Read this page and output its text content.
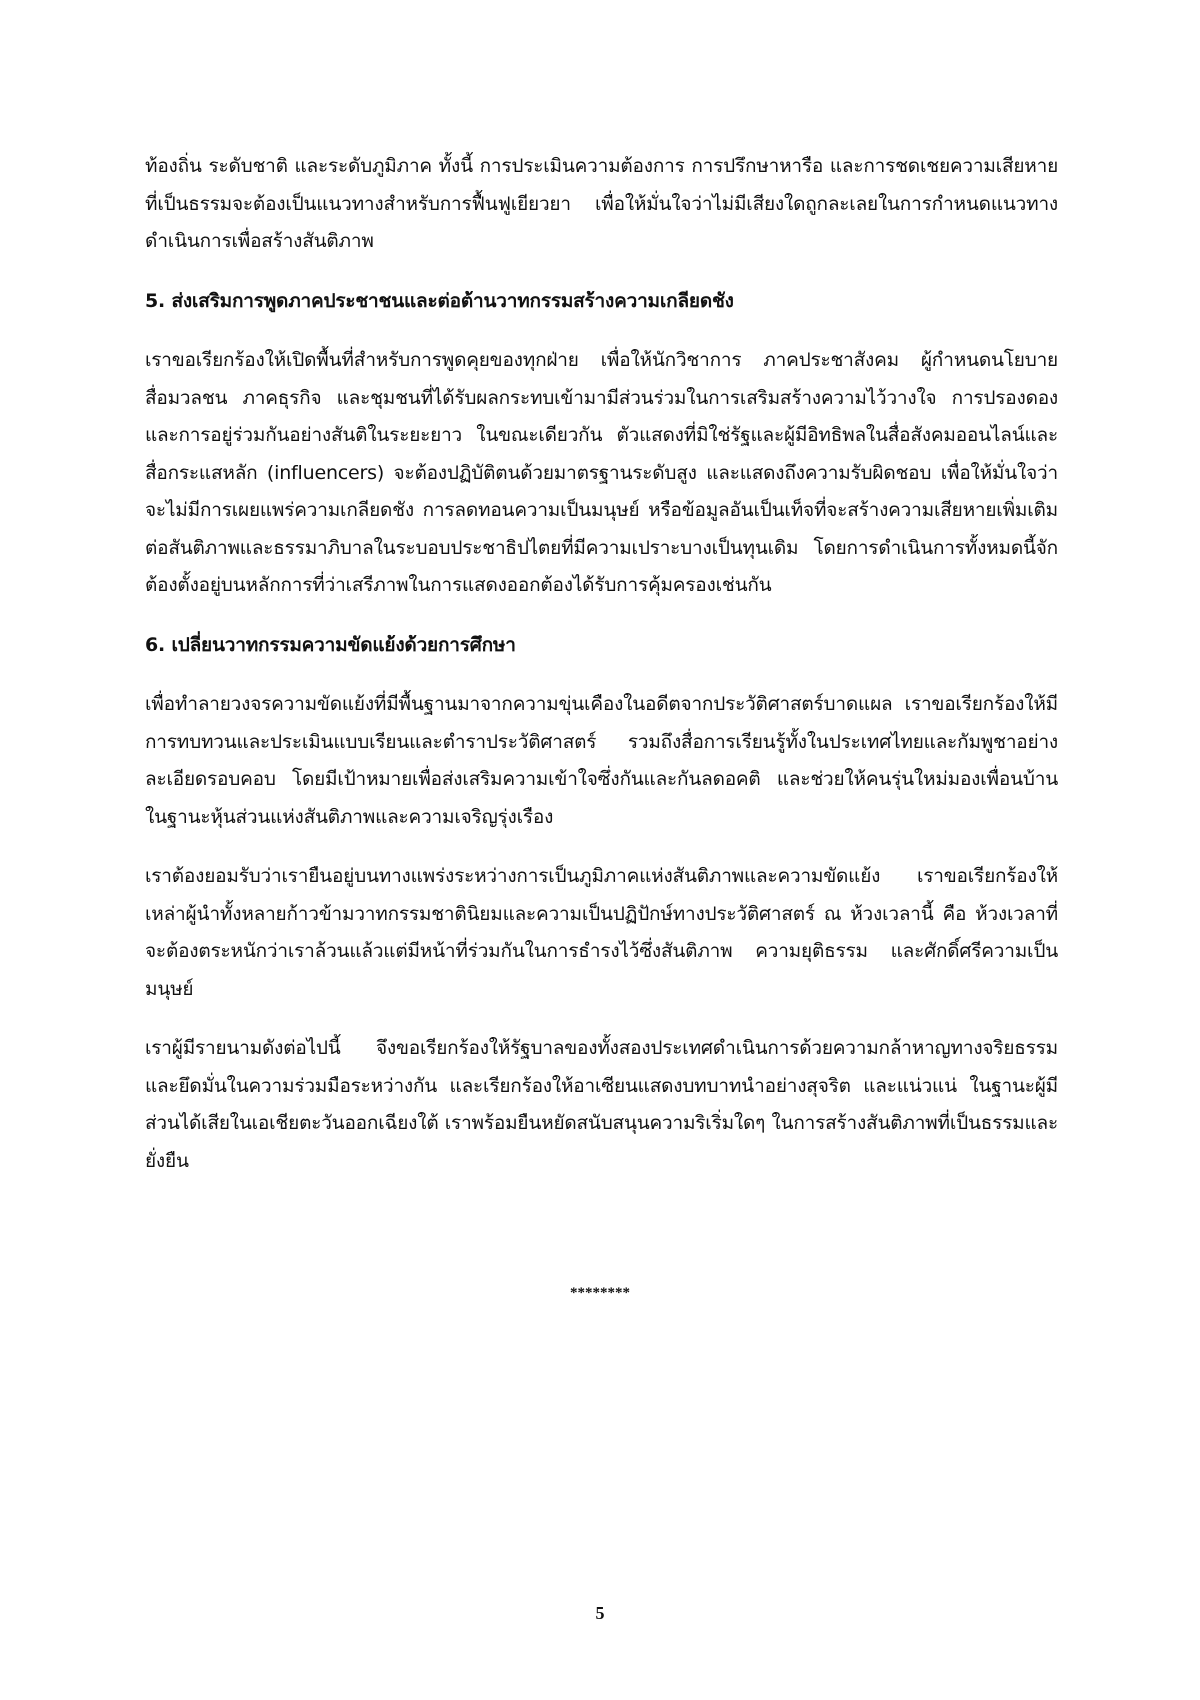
ท้องถิ่น ระดับชาติ และระดับภูมิภาค ทั้งนี้ การประเมินความต้องการ การปรึกษาหารือ และการชดเชยความเสียหายที่เป็นธรรมจะต้องเป็นแนวทางสำหรับการฟื้นฟูเยียวยา เพื่อให้มั่นใจว่าไม่มีเสียงใดถูกละเลยในการกำหนดแนวทางดำเนินการเพื่อสร้างสันติภาพ

5. ส่งเสริมการพูดภาคประชาชนและต่อต้านวาทกรรมสร้างความเกลียดชัง

เราขอเรียกร้องให้เปิดพื้นที่สำหรับการพูดคุยของทุกฝ่าย เพื่อให้นักวิชาการ ภาคประชาสังคม ผู้กำหนดนโยบาย สื่อมวลชน ภาคธุรกิจ และชุมชนที่ได้รับผลกระทบเข้ามามีส่วนร่วมในการเสริมสร้างความไว้วางใจ การปรองดอง และการอยู่ร่วมกันอย่างสันติในระยะยาว ในขณะเดียวกัน ตัวแสดงที่มิใช่รัฐและผู้มีอิทธิพลในสื่อสังคมออนไลน์และสื่อกระแสหลัก (influencers) จะต้องปฏิบัติตนด้วยมาตรฐานระดับสูง และแสดงถึงความรับผิดชอบ เพื่อให้มั่นใจว่าจะไม่มีการเผยแพร่ความเกลียดชัง การลดทอนความเป็นมนุษย์ หรือข้อมูลอันเป็นเท็จที่จะสร้างความเสียหายเพิ่มเติมต่อสันติภาพและธรรมาภิบาลในระบอบประชาธิปไตยที่มีความเปราะบางเป็นทุนเดิม โดยการดำเนินการทั้งหมดนี้จักต้องตั้งอยู่บนหลักการที่ว่าเสรีภาพในการแสดงออกต้องได้รับการคุ้มครองเช่นกัน

6. เปลี่ยนวาทกรรมความขัดแย้งด้วยการศึกษา

เพื่อทำลายวงจรความขัดแย้งที่มีพื้นฐานมาจากความขุ่นเคืองในอดีตจากประวัติศาสตร์บาดแผล เราขอเรียกร้องให้มีการทบทวนและประเมินแบบเรียนและตำราประวัติศาสตร์ รวมถึงสื่อการเรียนรู้ทั้งในประเทศไทยและกัมพูชาอย่างละเอียดรอบคอบ โดยมีเป้าหมายเพื่อส่งเสริมความเข้าใจซึ่งกันและกันลดอคติ และช่วยให้คนรุ่นใหม่มองเพื่อนบ้านในฐานะหุ้นส่วนแห่งสันติภาพและความเจริญรุ่งเรือง

เราต้องยอมรับว่าเรายืนอยู่บนทางแพร่งระหว่างการเป็นภูมิภาคแห่งสันติภาพและความขัดแย้ง เราขอเรียกร้องให้เหล่าผู้นำทั้งหลายก้าวข้ามวาทกรรมชาตินิยมและความเป็นปฏิปักษ์ทางประวัติศาสตร์ ณ ห้วงเวลานี้ คือ ห้วงเวลาที่จะต้องตระหนักว่าเราล้วนแล้วแต่มีหน้าที่ร่วมกันในการธำรงไว้ซึ่งสันติภาพ ความยุติธรรม และศักดิ์ศรีความเป็นมนุษย์

เราผู้มีรายนามดังต่อไปนี้ จึงขอเรียกร้องให้รัฐบาลของทั้งสองประเทศดำเนินการด้วยความกล้าหาญทางจริยธรรมและยึดมั่นในความร่วมมือระหว่างกัน และเรียกร้องให้อาเซียนแสดงบทบาทนำอย่างสุจริต และแน่วแน่ ในฐานะผู้มีส่วนได้เสียในเอเชียตะวันออกเฉียงใต้ เราพร้อมยืนหยัดสนับสนุนความริเริ่มใดๆ ในการสร้างสันติภาพที่เป็นธรรมและยั่งยืน

********
5
